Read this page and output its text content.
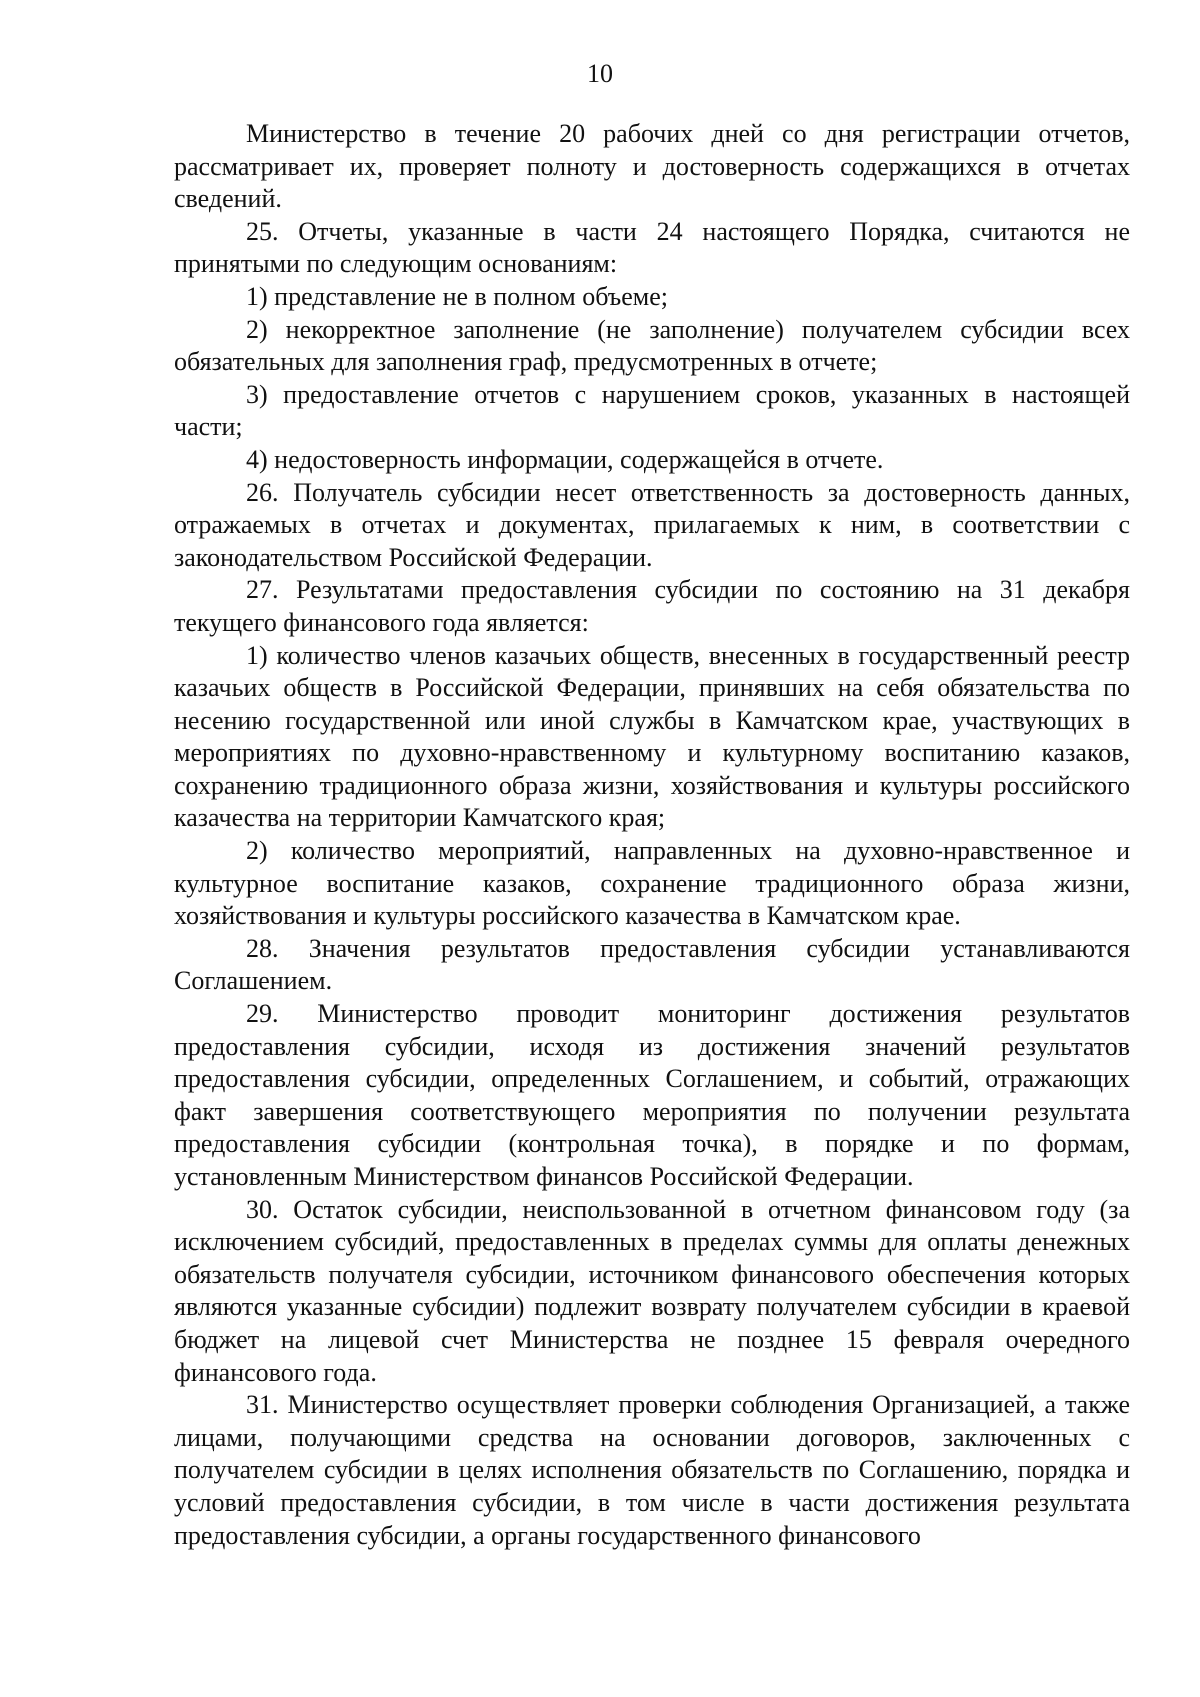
10

Министерство в течение 20 рабочих дней со дня регистрации отчетов, рассматривает их, проверяет полноту и достоверность содержащихся в отчетах сведений.

25. Отчеты, указанные в части 24 настоящего Порядка, считаются не принятыми по следующим основаниям:

1) представление не в полном объеме;

2) некорректное заполнение (не заполнение) получателем субсидии всех обязательных для заполнения граф, предусмотренных в отчете;

3) предоставление отчетов с нарушением сроков, указанных в настоящей части;

4) недостоверность информации, содержащейся в отчете.

26. Получатель субсидии несет ответственность за достоверность данных, отражаемых в отчетах и документах, прилагаемых к ним, в соответствии с законодательством Российской Федерации.

27. Результатами предоставления субсидии по состоянию на 31 декабря текущего финансового года является:

1) количество членов казачьих обществ, внесенных в государственный реестр казачьих обществ в Российской Федерации, принявших на себя обязательства по несению государственной или иной службы в Камчатском крае, участвующих в мероприятиях по духовно-нравственному и культурному воспитанию казаков, сохранению традиционного образа жизни, хозяйствования и культуры российского казачества на территории Камчатского края;

2) количество мероприятий, направленных на духовно-нравственное и культурное воспитание казаков, сохранение традиционного образа жизни, хозяйствования и культуры российского казачества в Камчатском крае.

28. Значения результатов предоставления субсидии устанавливаются Соглашением.

29. Министерство проводит мониторинг достижения результатов предоставления субсидии, исходя из достижения значений результатов предоставления субсидии, определенных Соглашением, и событий, отражающих факт завершения соответствующего мероприятия по получении результата предоставления субсидии (контрольная точка), в порядке и по формам, установленным Министерством финансов Российской Федерации.

30. Остаток субсидии, неиспользованной в отчетном финансовом году (за исключением субсидий, предоставленных в пределах суммы для оплаты денежных обязательств получателя субсидии, источником финансового обеспечения которых являются указанные субсидии) подлежит возврату получателем субсидии в краевой бюджет на лицевой счет Министерства не позднее 15 февраля очередного финансового года.

31. Министерство осуществляет проверки соблюдения Организацией, а также лицами, получающими средства на основании договоров, заключенных с получателем субсидии в целях исполнения обязательств по Соглашению, порядка и условий предоставления субсидии, в том числе в части достижения результата предоставления субсидии, а органы государственного финансового
